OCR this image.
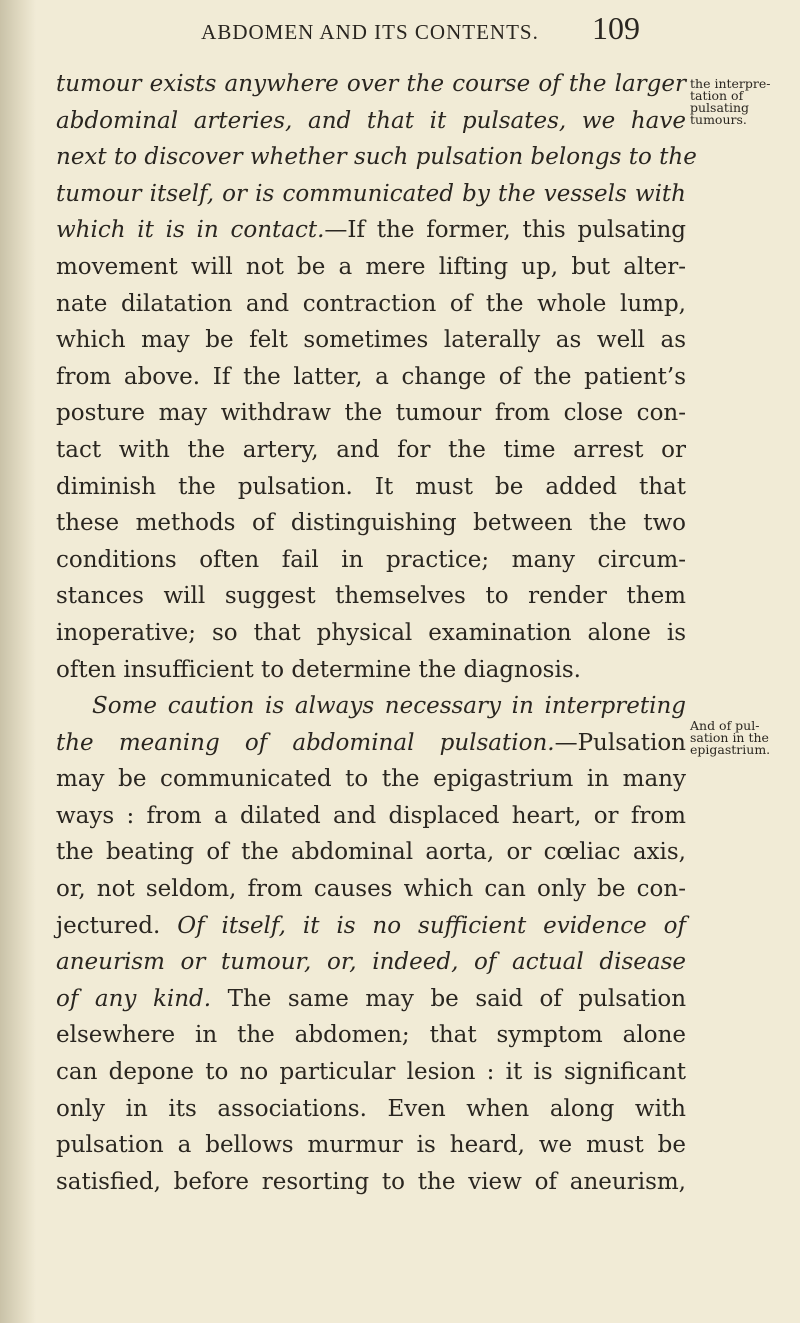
ABDOMEN AND ITS CONTENTS.	109
the interpre-
tation of
pulsating
tumours.
And of pul-
sation in the
epigastrium.
tumour exists anywhere over the course of the larger
abdominal arteries, and that it pulsates, we have
next to discover whether such pulsation belongs to the
tumour itself, or is communicated by the vessels with
which it is in contact.—If the former, this pulsating
movement will not be a mere lifting up, but alter-
nate dilatation and contraction of the whole lump,
which may be felt sometimes laterally as well as
from above. If the latter, a change of the patient’s
posture may withdraw the tumour from close con-
tact with the artery, and for the time arrest or
diminish the pulsation. It must be added that
these methods of distinguishing between the two
conditions often fail in practice; many circum-
stances will suggest themselves to render them
inoperative; so that physical examination alone is
often insufficient to determine the diagnosis.
Some caution is always necessary in interpreting
the meaning of abdominal pulsation.—Pulsation
may be communicated to the epigastrium in many
ways : from a dilated and displaced heart, or from
the beating of the abdominal aorta, or cœliac axis,
or, not seldom, from causes which can only be con-
jectured. Of itself, it is no sufficient evidence of
aneurism or tumour, or, indeed, of actual disease
of any kind. The same may be said of pulsation
elsewhere in the abdomen; that symptom alone
can depone to no particular lesion : it is significant
only in its associations. Even when along with
pulsation a bellows murmur is heard, we must be
satisfied, before resorting to the view of aneurism,
